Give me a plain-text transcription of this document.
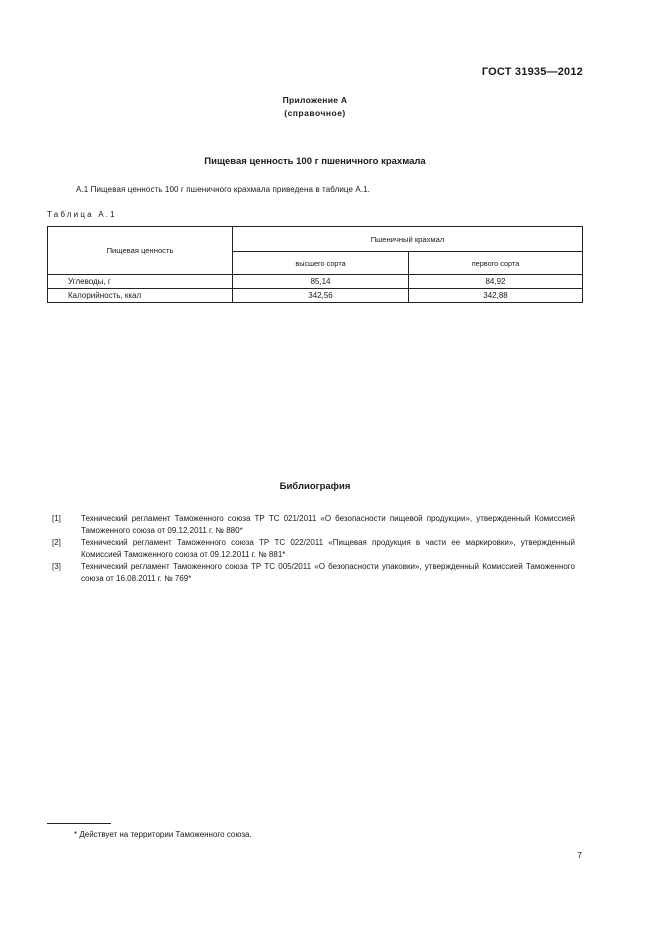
ГОСТ 31935—2012
Приложение А
(справочное)
Пищевая ценность 100 г пшеничного крахмала
А.1 Пищевая ценность 100 г пшеничного крахмала приведена в таблице А.1.
Таблица А.1
Пищевая ценность	Пшеничный крахмал	
	высшего сорта	первого сорта
Углеводы, г	85,14	84,92
Калорийность, ккал	342,56	342,88
Библиография
[1]	Технический регламент Таможенного союза ТР ТС 021/2011 «О безопасности пищевой продукции», утвержденный Комиссией Таможенного союза от 09.12.2011 г. № 880*
[2]	Технический регламент Таможенного союза ТР ТС 022/2011 «Пищевая продукция в части ее маркировки», утвержденный Комиссией Таможенного союза от 09.12.2011 г. № 881*
[3]	Технический регламент Таможенного союза ТР ТС 005/2011 «О безопасности упаковки», утвержденный Комиссией Таможенного союза от 16.08.2011 г. № 769*
* Действует на территории Таможенного союза.
7
